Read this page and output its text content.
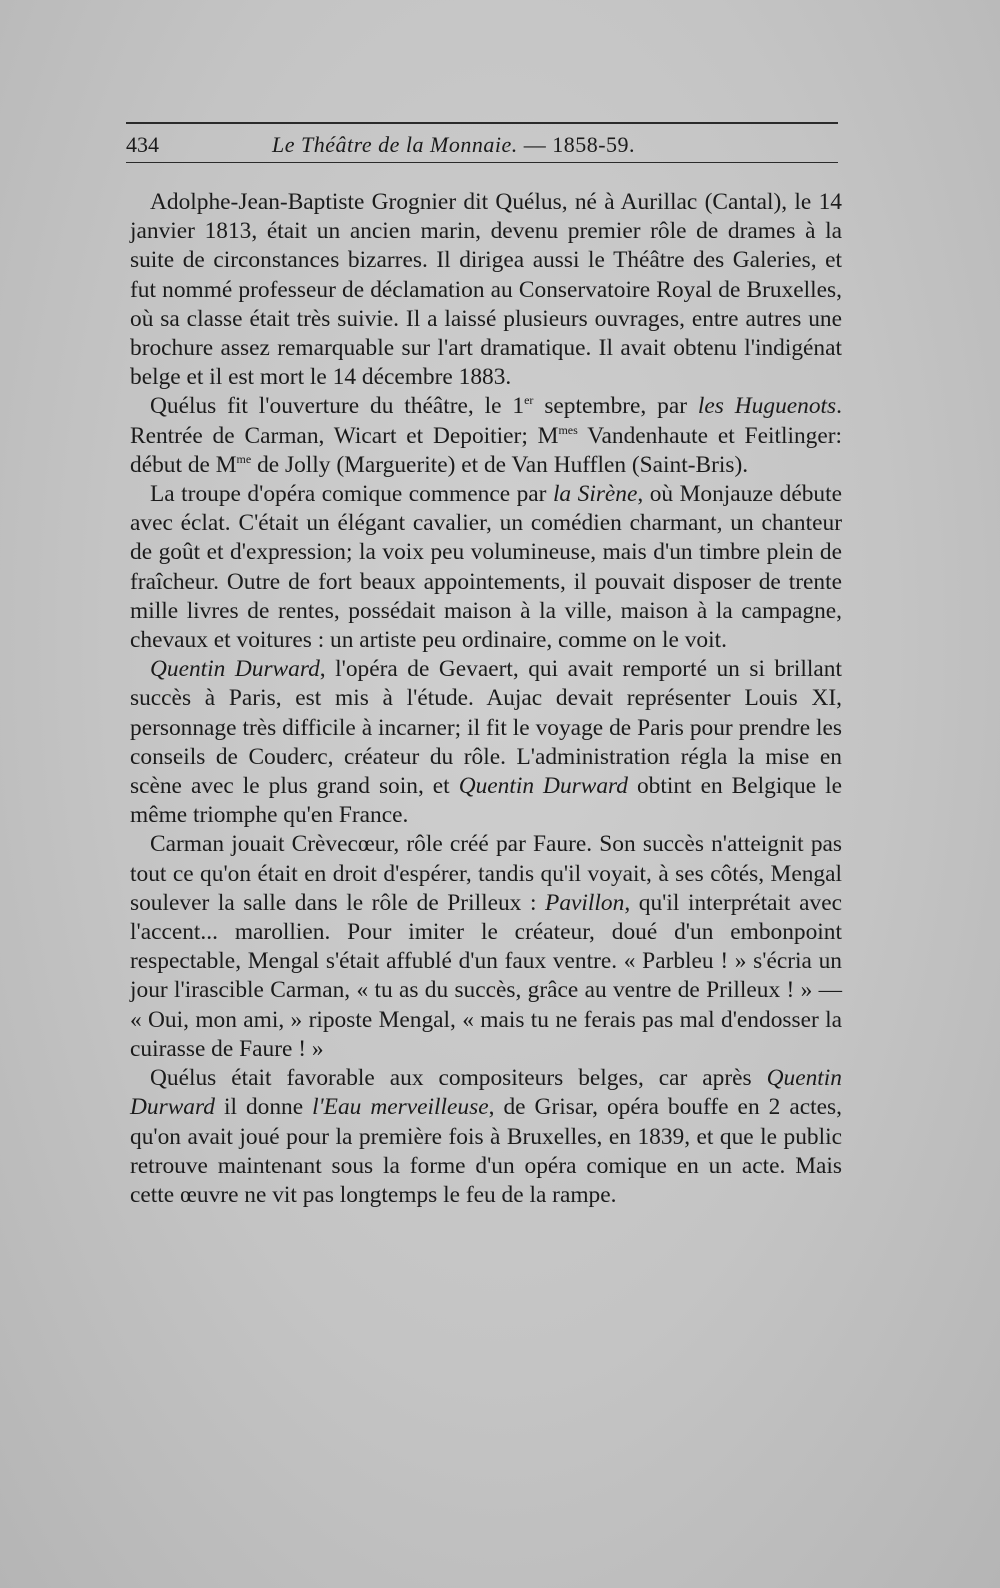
434	Le Théâtre de la Monnaie. — 1858-59.

Adolphe-Jean-Baptiste Grognier dit Quélus, né à Aurillac (Cantal), le 14 janvier 1813, était un ancien marin, devenu premier rôle de drames à la suite de circonstances bizarres. Il dirigea aussi le Théâtre des Galeries, et fut nommé professeur de déclamation au Conservatoire Royal de Bruxelles, où sa classe était très suivie. Il a laissé plusieurs ouvrages, entre autres une brochure assez remarquable sur l'art dramatique. Il avait obtenu l'indigénat belge et il est mort le 14 décembre 1883.

Quélus fit l'ouverture du théâtre, le 1er septembre, par les Huguenots. Rentrée de Carman, Wicart et Depoitier; $M^{mes}$ Vandenhaute et Feitlinger: début de $M^{me}$ de Jolly (Marguerite) et de Van Hufflen (Saint-Bris).

La troupe d'opéra comique commence par la Sirène, où Monjauze débute avec éclat. C'était un élégant cavalier, un comédien charmant, un chanteur de goût et d'expression; la voix peu volumineuse, mais d'un timbre plein de fraîcheur. Outre de fort beaux appointements, il pouvait disposer de trente mille livres de rentes, possédait maison à la ville, maison à la campagne, chevaux et voitures : un artiste peu ordinaire, comme on le voit.

Quentin Durward, l'opéra de Gevaert, qui avait remporté un si brillant succès à Paris, est mis à l'étude. Aujac devait représenter Louis XI, personnage très difficile à incarner; il fit le voyage de Paris pour prendre les conseils de Couderc, créateur du rôle. L'administration régla la mise en scène avec le plus grand soin, et Quentin Durward obtint en Belgique le même triomphe qu'en France.

Carman jouait Crèvecœur, rôle créé par Faure. Son succès n'atteignit pas tout ce qu'on était en droit d'espérer, tandis qu'il voyait, à ses côtés, Mengal soulever la salle dans le rôle de Prilleux : Pavillon, qu'il interprétait avec l'accent... marollien. Pour imiter le créateur, doué d'un embonpoint respectable, Mengal s'était affublé d'un faux ventre. « Parbleu ! » s'écria un jour l'irascible Carman, « tu as du succès, grâce au ventre de Prilleux ! » — « Oui, mon ami, » riposte Mengal, « mais tu ne ferais pas mal d'endosser la cuirasse de Faure ! »

Quélus était favorable aux compositeurs belges, car après Quentin Durward il donne l'Eau merveilleuse, de Grisar, opéra bouffe en 2 actes, qu'on avait joué pour la première fois à Bruxelles, en 1839, et que le public retrouve maintenant sous la forme d'un opéra comique en un acte. Mais cette œuvre ne vit pas longtemps le feu de la rampe.
